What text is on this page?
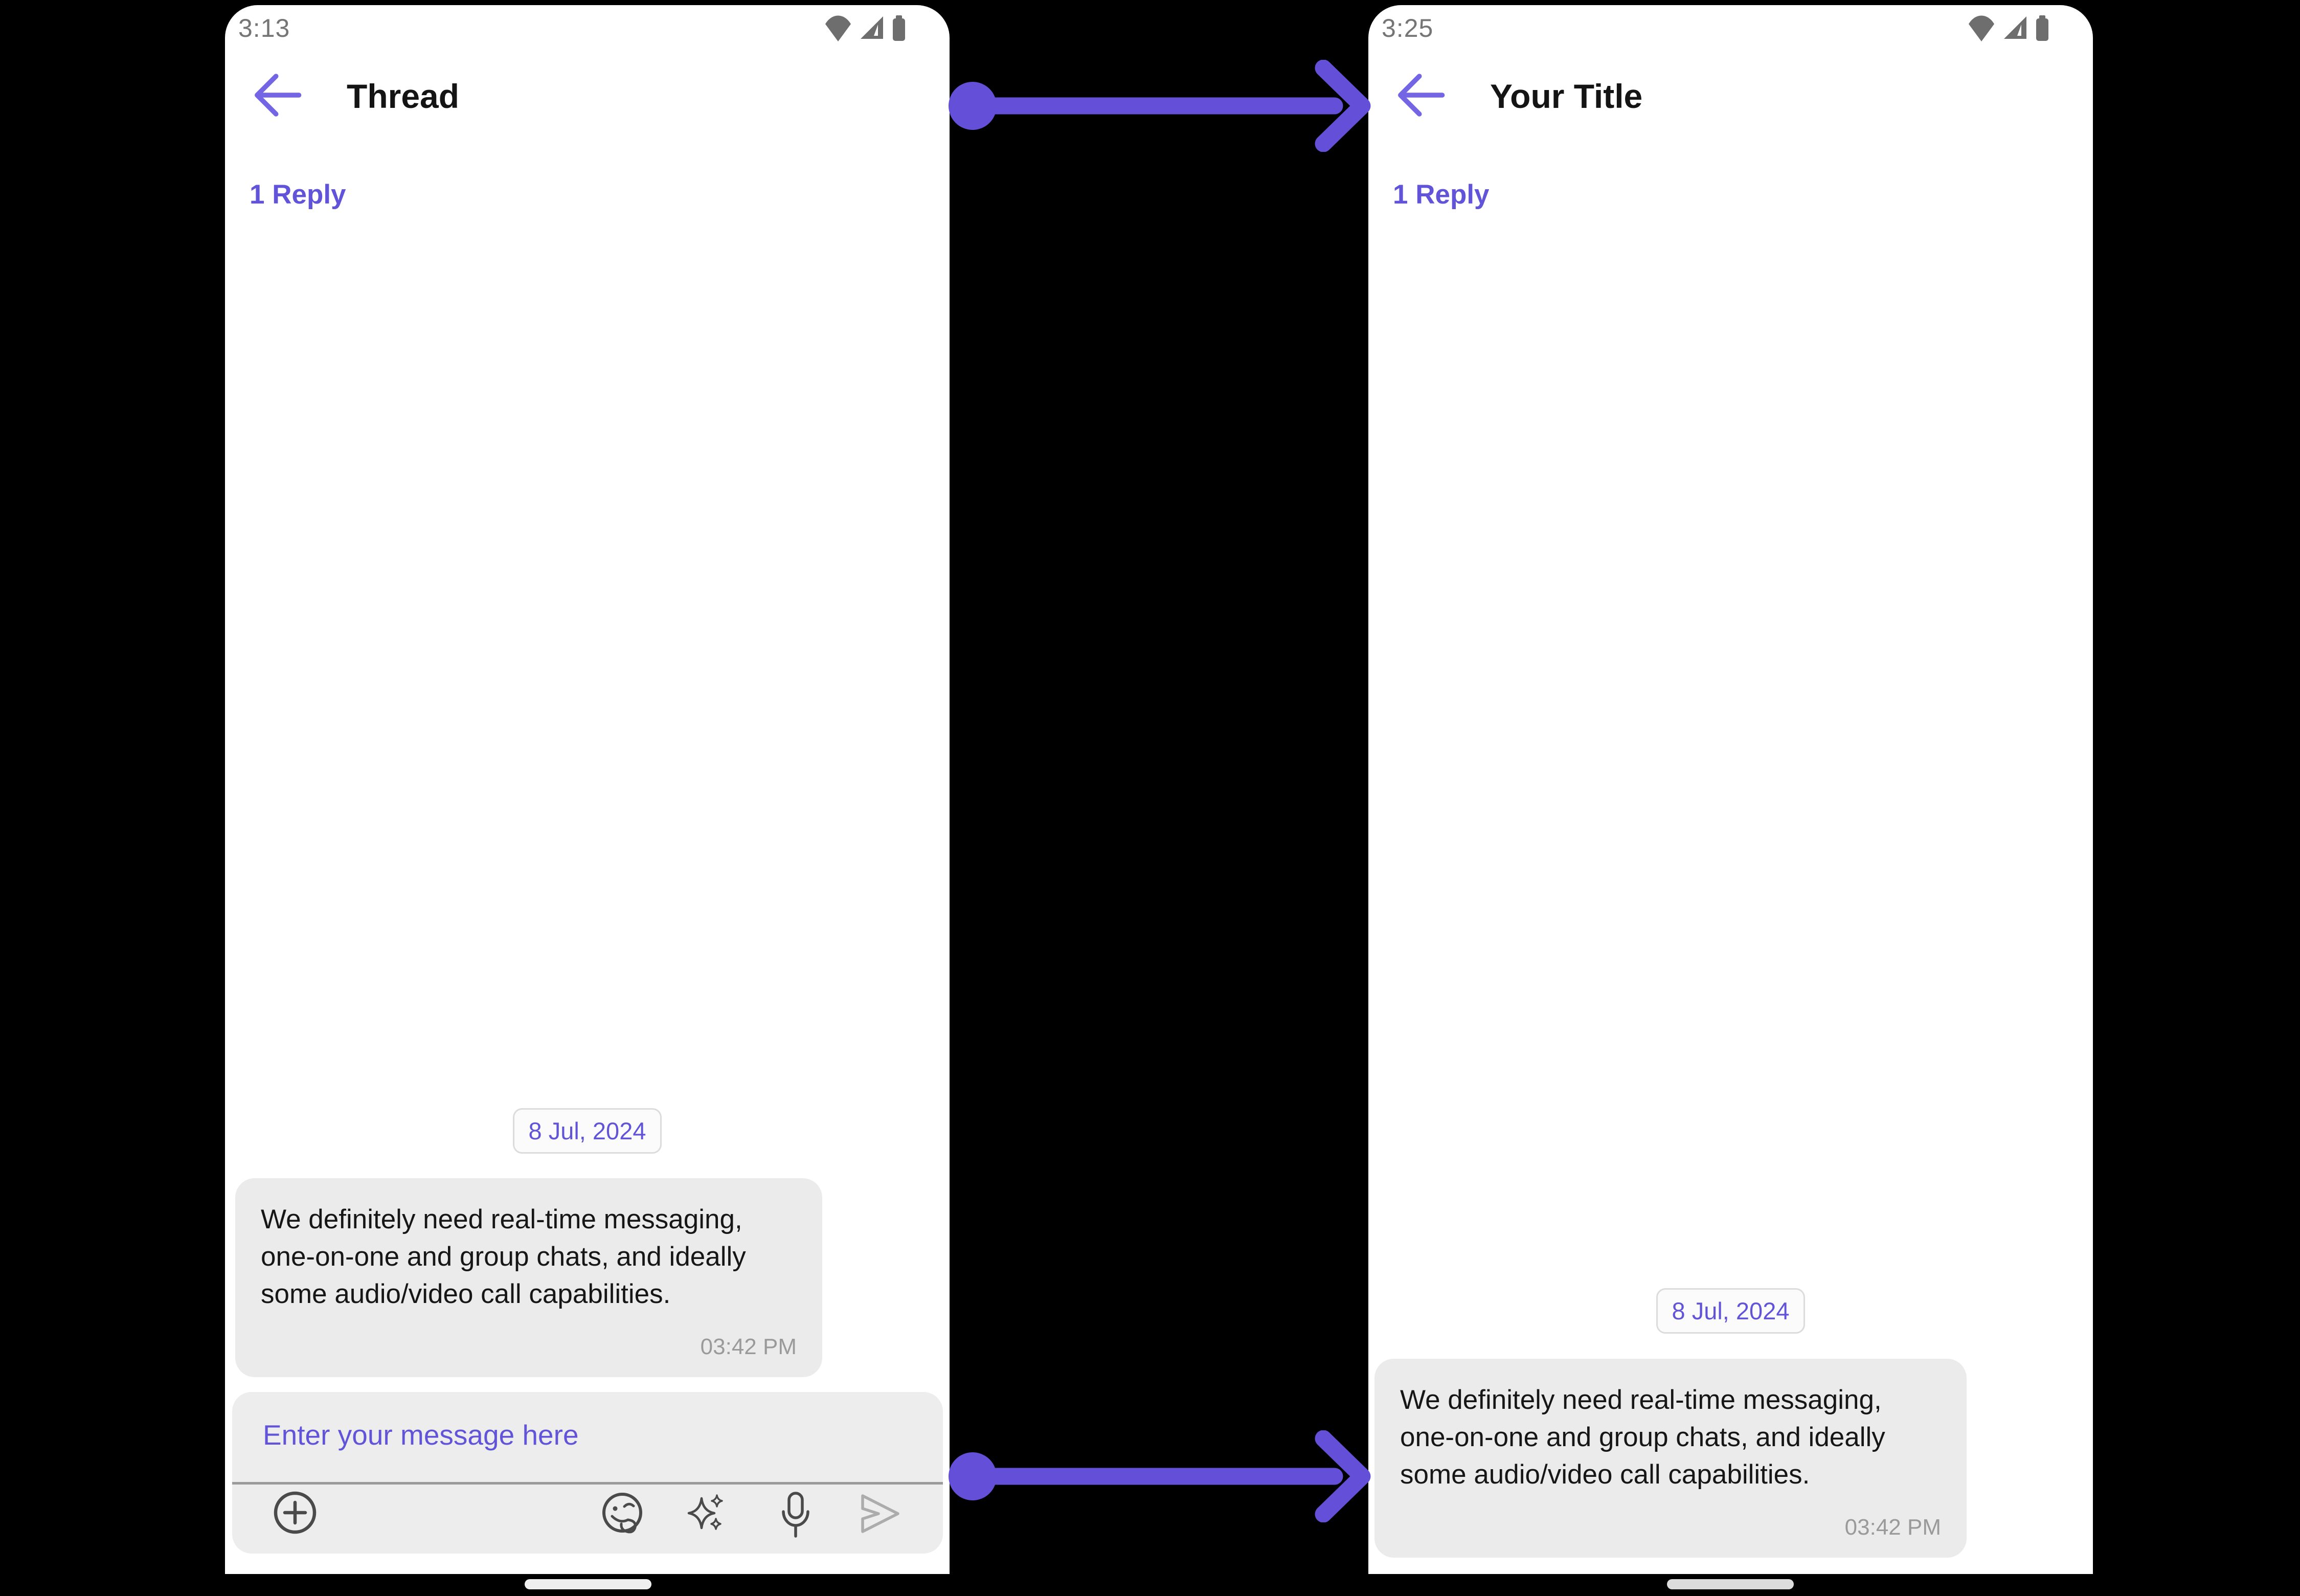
3:13
Thread
1 Reply
8 Jul, 2024
We definitely need real-time messaging, one-on-one and group chats, and ideally some audio/video call capabilities.
03:42 PM
Enter your message here
3:25
Your Title
1 Reply
8 Jul, 2024
We definitely need real-time messaging, one-on-one and group chats, and ideally some audio/video call capabilities.
03:42 PM
